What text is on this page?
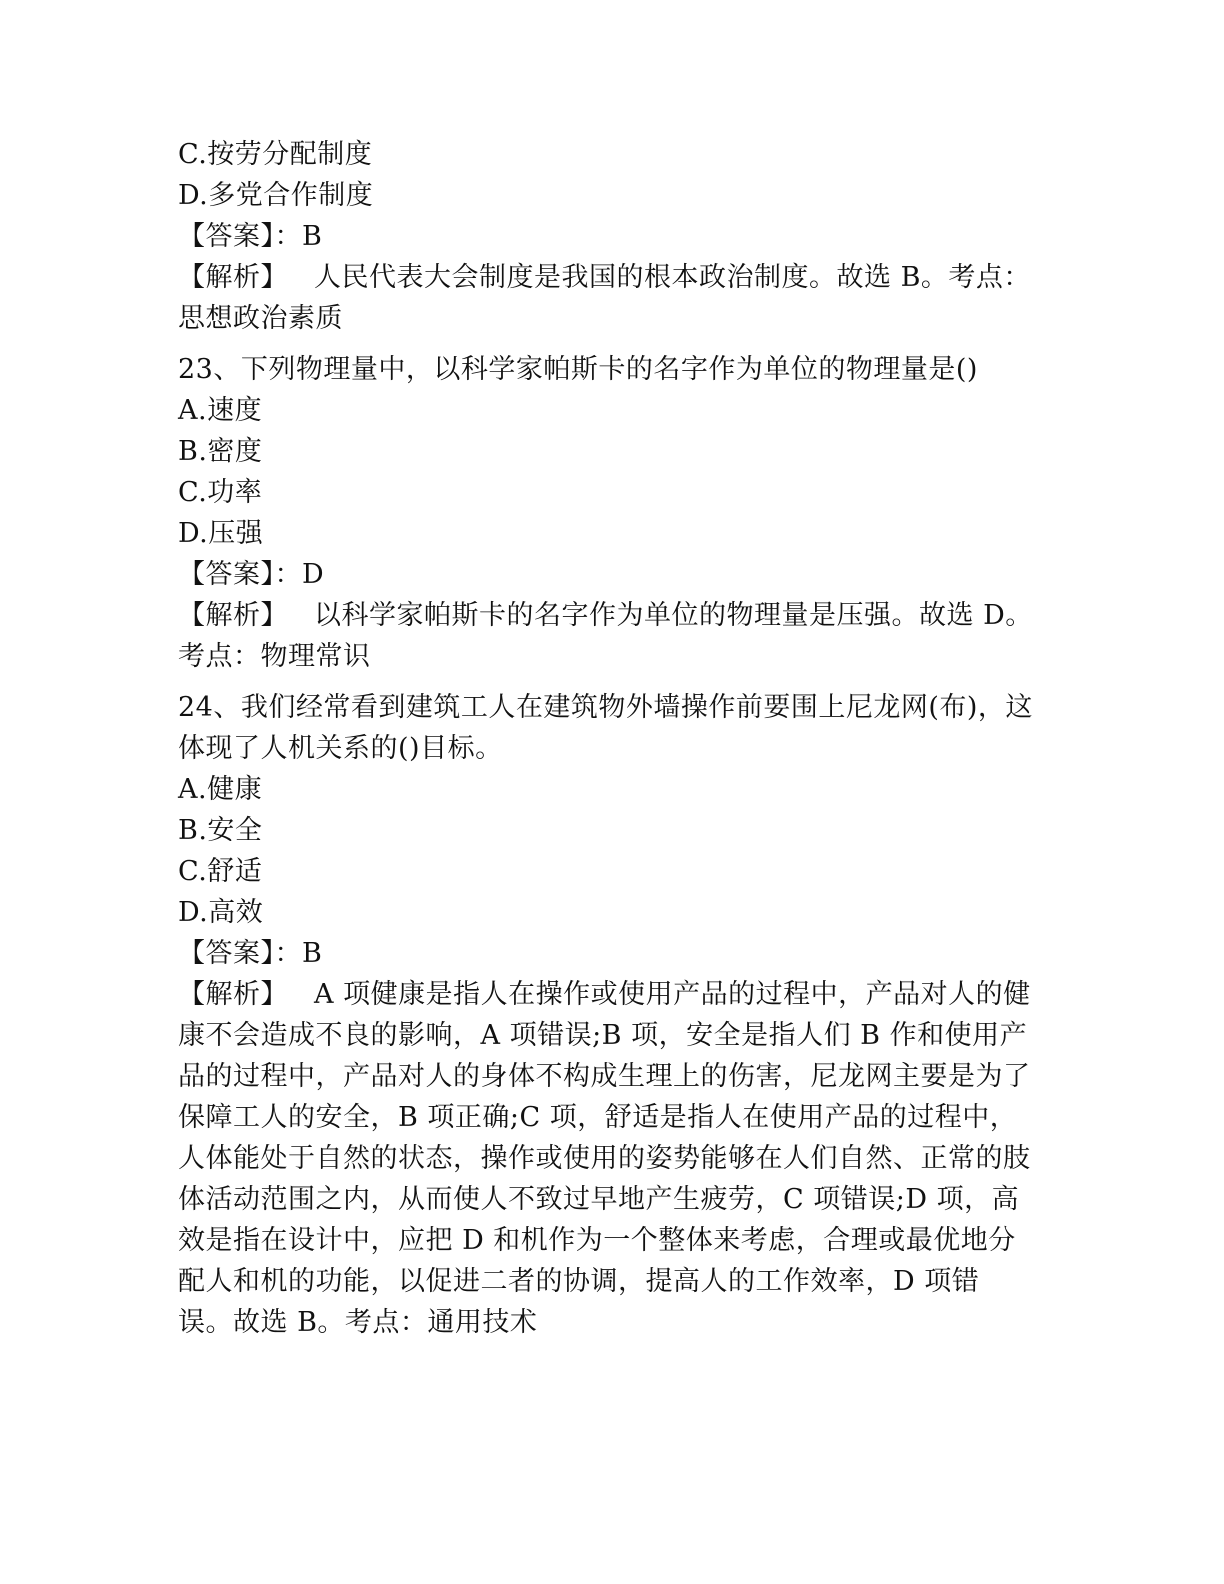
C.按劳分配制度
D.多党合作制度
【答案】：B
【解析】 人民代表大会制度是我国的根本政治制度。故选 B。考点：思想政治素质
23、下列物理量中，以科学家帕斯卡的名字作为单位的物理量是()
A.速度
B.密度
C.功率
D.压强
【答案】：D
【解析】 以科学家帕斯卡的名字作为单位的物理量是压强。故选 D。考点：物理常识
24、我们经常看到建筑工人在建筑物外墙操作前要围上尼龙网(布)，这体现了人机关系的()目标。
A.健康
B.安全
C.舒适
D.高效
【答案】：B
【解析】 A 项健康是指人在操作或使用产品的过程中，产品对人的健康不会造成不良的影响，A 项错误;B 项，安全是指人们 B 作和使用产品的过程中，产品对人的身体不构成生理上的伤害，尼龙网主要是为了保障工人的安全，B 项正确;C 项，舒适是指人在使用产品的过程中，人体能处于自然的状态，操作或使用的姿势能够在人们自然、正常的肢体活动范围之内，从而使人不致过早地产生疲劳，C 项错误;D 项，高效是指在设计中，应把 D 和机作为一个整体来考虑，合理或最优地分配人和机的功能，以促进二者的协调，提高人的工作效率，D 项错误。故选 B。考点：通用技术
